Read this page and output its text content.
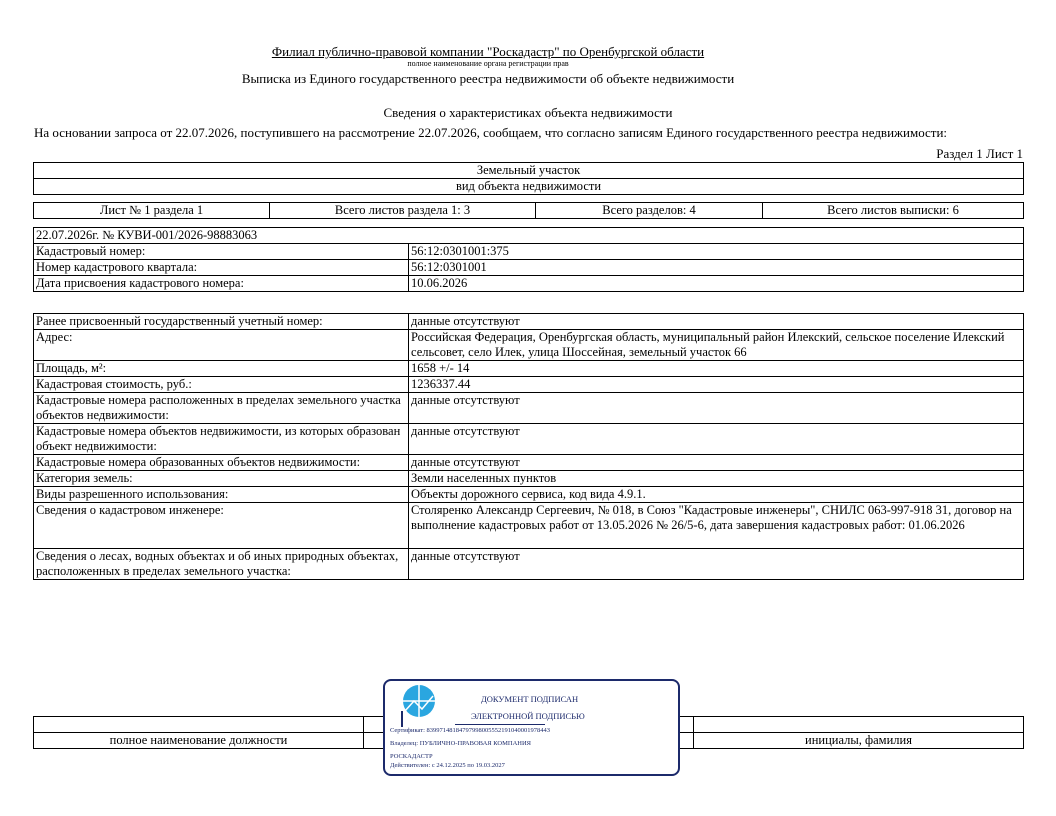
Филиал публично-правовой компании "Роскадастр" по Оренбургской области
полное наименование органа регистрации прав
Выписка из Единого государственного реестра недвижимости об объекте недвижимости
Сведения о характеристиках объекта недвижимости
На основании запроса от 22.07.2026, поступившего на рассмотрение 22.07.2026, сообщаем, что согласно записям Единого государственного реестра недвижимости:
Раздел 1 Лист 1
Земельный участок
вид объекта недвижимости
Лист № 1 раздела 1	Всего листов раздела 1: 3	Всего разделов: 4	Всего листов выписки: 6
22.07.2026г. № КУВИ-001/2026-98883063	
Кадастровый номер:	56:12:0301001:375
Номер кадастрового квартала:	56:12:0301001
Дата присвоения кадастрового номера:	10.06.2026
Ранее присвоенный государственный учетный номер:	данные отсутствуют
Адрес:	Российская Федерация, Оренбургская область, муниципальный район Илекский, сельское поселение Илекский сельсовет, село Илек, улица Шоссейная, земельный участок 66
Площадь, м²:	1658 +/- 14
Кадастровая стоимость, руб.:	1236337.44
Кадастровые номера расположенных в пределах земельного участка объектов недвижимости:	данные отсутствуют
Кадастровые номера объектов недвижимости, из которых образован объект недвижимости:	данные отсутствуют
Кадастровые номера образованных объектов недвижимости:	данные отсутствуют
Категория земель:	Земли населенных пунктов
Виды разрешенного использования:	Объекты дорожного сервиса, код вида 4.9.1.
Сведения о кадастровом инженере:	Столяренко Александр Сергеевич, № 018, в Союз "Кадастровые инженеры", СНИЛС 063-997-918 31, договор на выполнение кадастровых работ от 13.05.2026 № 26/5-6, дата завершения кадастровых работ: 01.06.2026
Сведения о лесах, водных объектах и об иных природных объектах, расположенных в пределах земельного участка:	данные отсутствуют

полное наименование должности		инициалы, фамилия
ДОКУМЕНТ ПОДПИСАН
ЭЛЕКТРОННОЙ ПОДПИСЬЮ
Сертификат: 8399714818479799800555219104000197844З
Владелец: ПУБЛИЧНО-ПРАВОВАЯ КОМПАНИЯ
РОСКАДАСТР
Действителен: с 24.12.2025 по 19.03.2027
